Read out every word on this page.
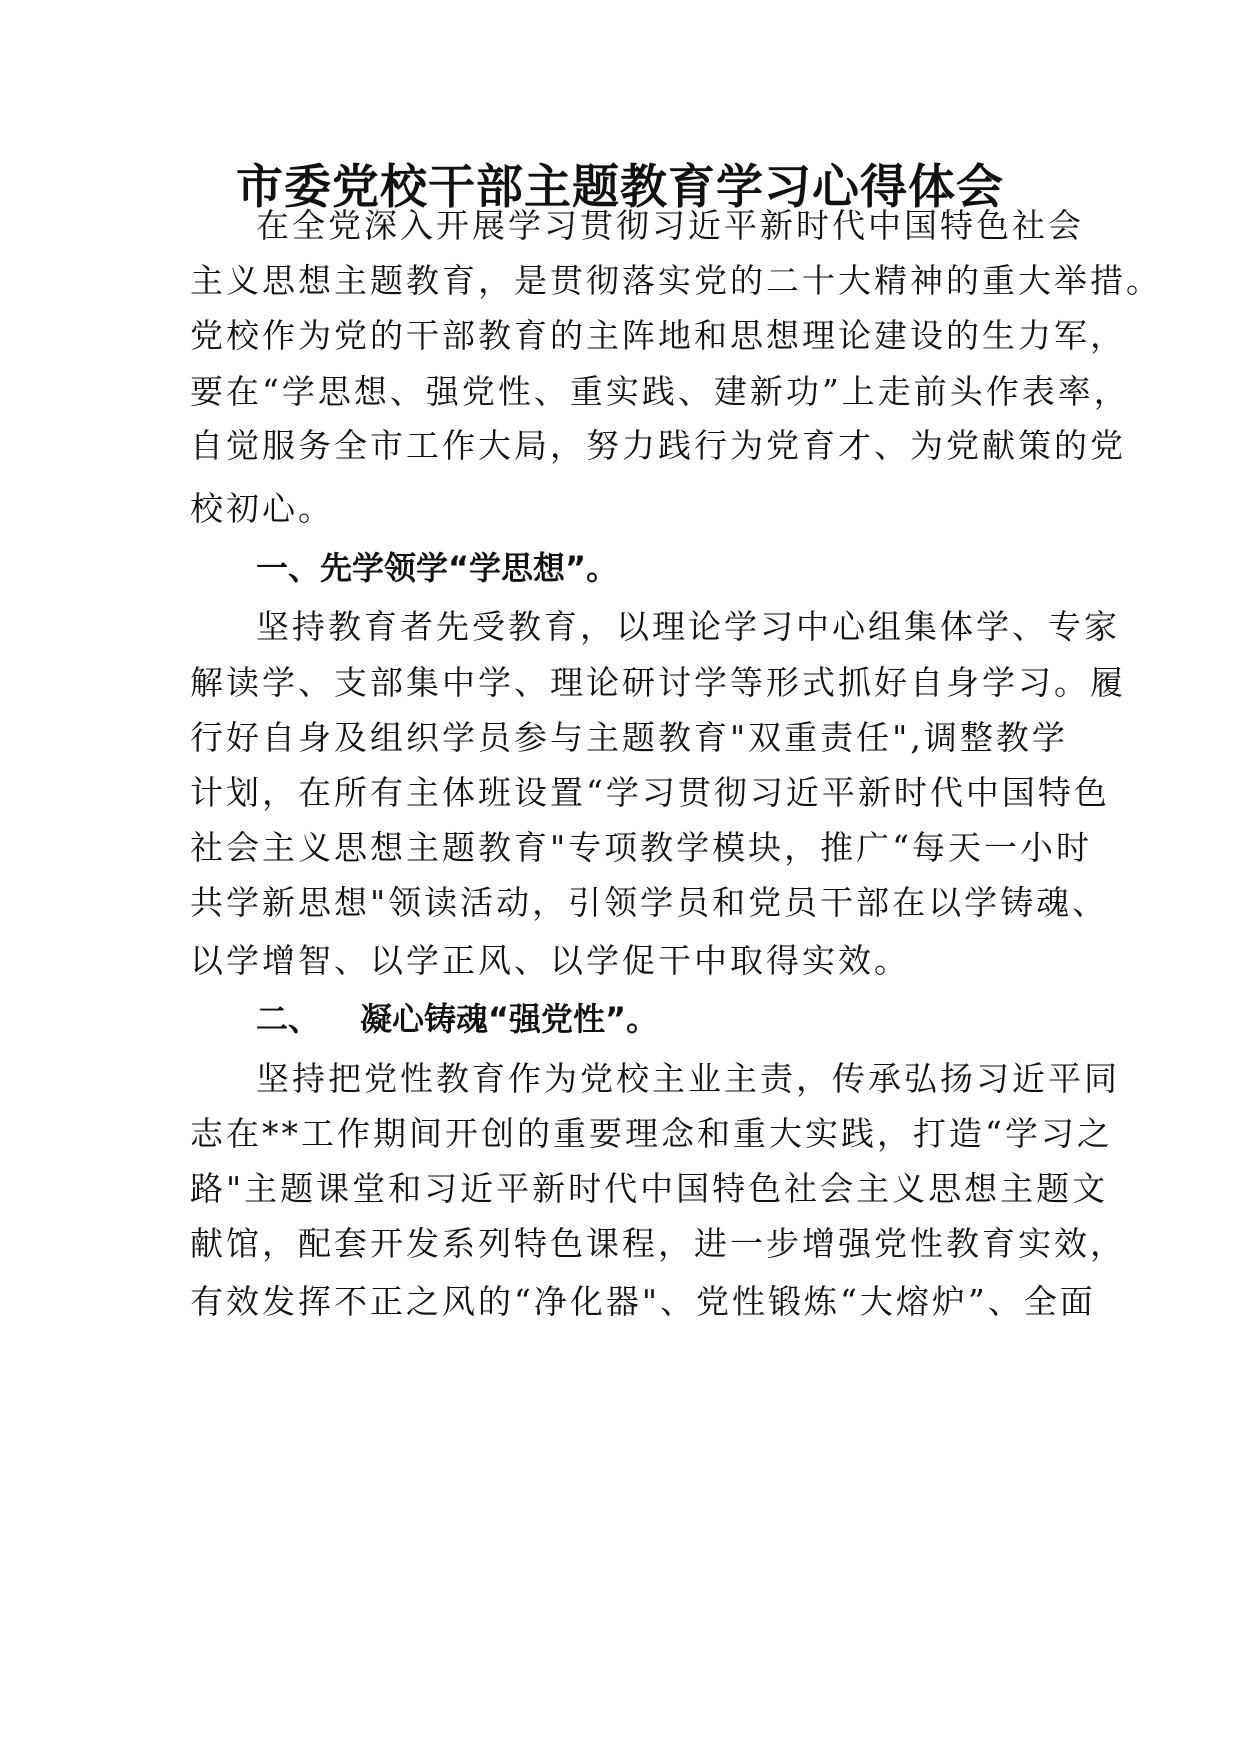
市委党校干部主题教育学习心得体会
在全党深入开展学习贯彻习近平新时代中国特色社会
主义思想主题教育，是贯彻落实党的二十大精神的重大举措。
党校作为党的干部教育的主阵地和思想理论建设的生力军，
要在“学思想、强党性、重实践、建新功”上走前头作表率，
自觉服务全市工作大局，努力践行为党育才、为党献策的党
校初心。
一、先学领学“学思想”。
坚持教育者先受教育，以理论学习中心组集体学、专家
解读学、支部集中学、理论研讨学等形式抓好自身学习。履
行好自身及组织学员参与主题教育"双重责任",调整教学
计划，在所有主体班设置“学习贯彻习近平新时代中国特色
社会主义思想主题教育"专项教学模块，推广“每天一小时
共学新思想"领读活动，引领学员和党员干部在以学铸魂、
以学增智、以学正风、以学促干中取得实效。
二、 凝心铸魂“强党性”。
坚持把党性教育作为党校主业主责，传承弘扬习近平同
志在**工作期间开创的重要理念和重大实践，打造“学习之
路"主题课堂和习近平新时代中国特色社会主义思想主题文
献馆，配套开发系列特色课程，进一步增强党性教育实效，
有效发挥不正之风的“净化器"、党性锻炼“大熔炉”、全面
